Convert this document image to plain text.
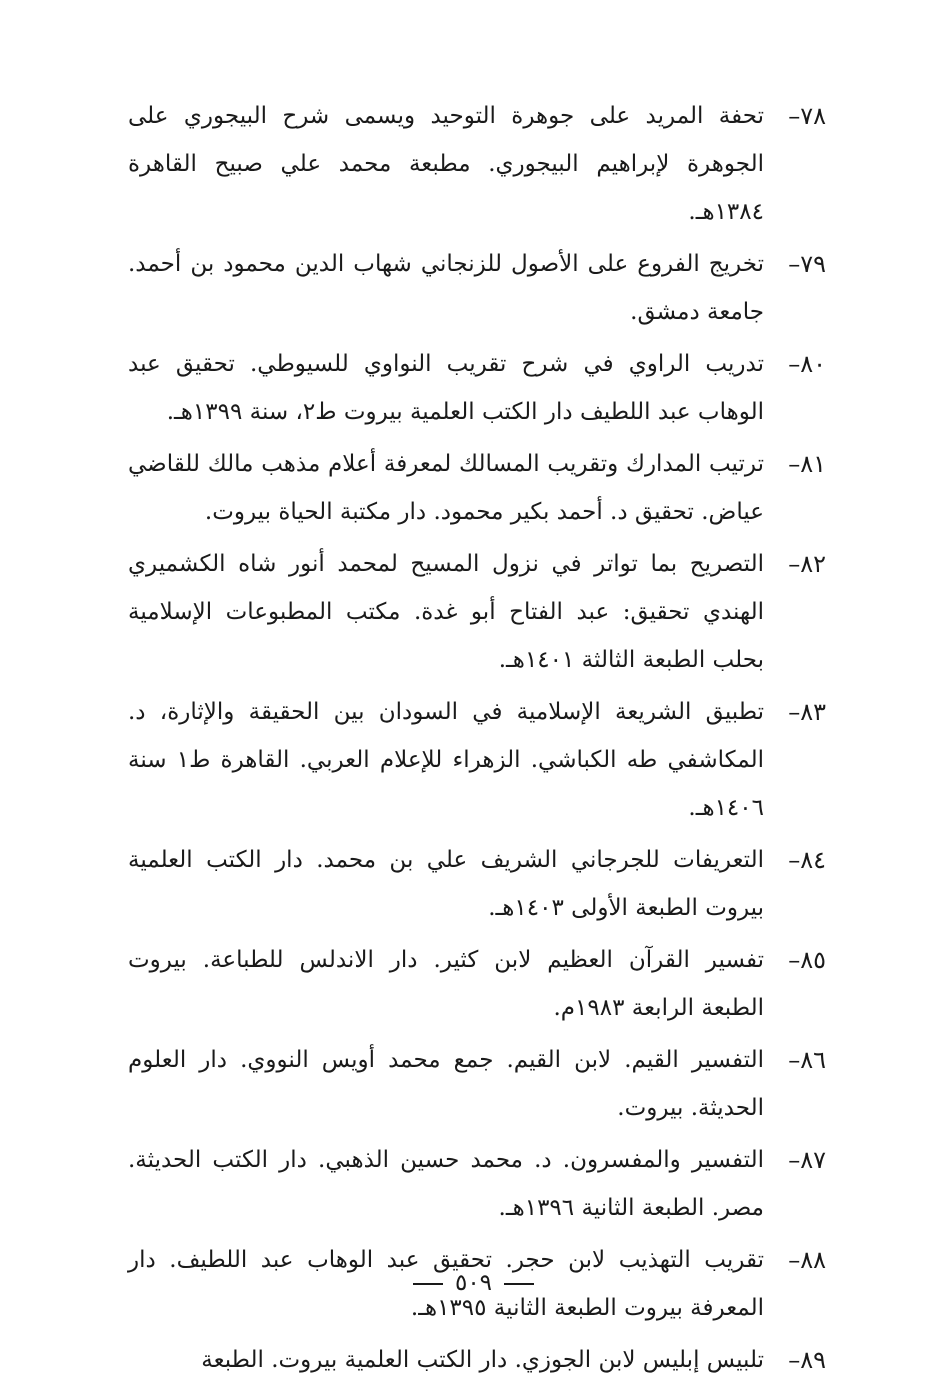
٧٨–
تحفة المريد على جوهرة التوحيد ويسمى شرح البيجوري على الجوهرة لإبراهيم البيجوري. مطبعة محمد علي صبيح القاهرة ١٣٨٤هـ.
٧٩–
تخريج الفروع على الأصول للزنجاني شهاب الدين محمود بن أحمد. جامعة دمشق.
٨٠–
تدريب الراوي في شرح تقريب النواوي للسيوطي. تحقيق عبد الوهاب عبد اللطيف دار الكتب العلمية بيروت ط٢، سنة ١٣٩٩هـ.
٨١–
ترتيب المدارك وتقريب المسالك لمعرفة أعلام مذهب مالك للقاضي عياض. تحقيق د. أحمد بكير محمود. دار مكتبة الحياة بيروت.
٨٢–
التصريح بما تواتر في نزول المسيح لمحمد أنور شاه الكشميري الهندي تحقيق: عبد الفتاح أبو غدة. مكتب المطبوعات الإسلامية بحلب الطبعة الثالثة ١٤٠١هـ.
٨٣–
تطبيق الشريعة الإسلامية في السودان بين الحقيقة والإثارة، د. المكاشفي طه الكباشي. الزهراء للإعلام العربي. القاهرة ط١ سنة ١٤٠٦هـ.
٨٤–
التعريفات للجرجاني الشريف علي بن محمد. دار الكتب العلمية بيروت الطبعة الأولى ١٤٠٣هـ.
٨٥–
تفسير القرآن العظيم لابن كثير. دار الاندلس للطباعة. بيروت الطبعة الرابعة ١٩٨٣م.
٨٦–
التفسير القيم. لابن القيم. جمع محمد أويس النووي. دار العلوم الحديثة. بيروت.
٨٧–
التفسير والمفسرون. د. محمد حسين الذهبي. دار الكتب الحديثة. مصر. الطبعة الثانية ١٣٩٦هـ.
٨٨–
تقريب التهذيب لابن حجر. تحقيق عبد الوهاب عبد اللطيف. دار المعرفة بيروت الطبعة الثانية ١٣٩٥هـ.
٨٩–
تلبيس إبليس لابن الجوزي. دار الكتب العلمية بيروت. الطبعة
٥٠٩
